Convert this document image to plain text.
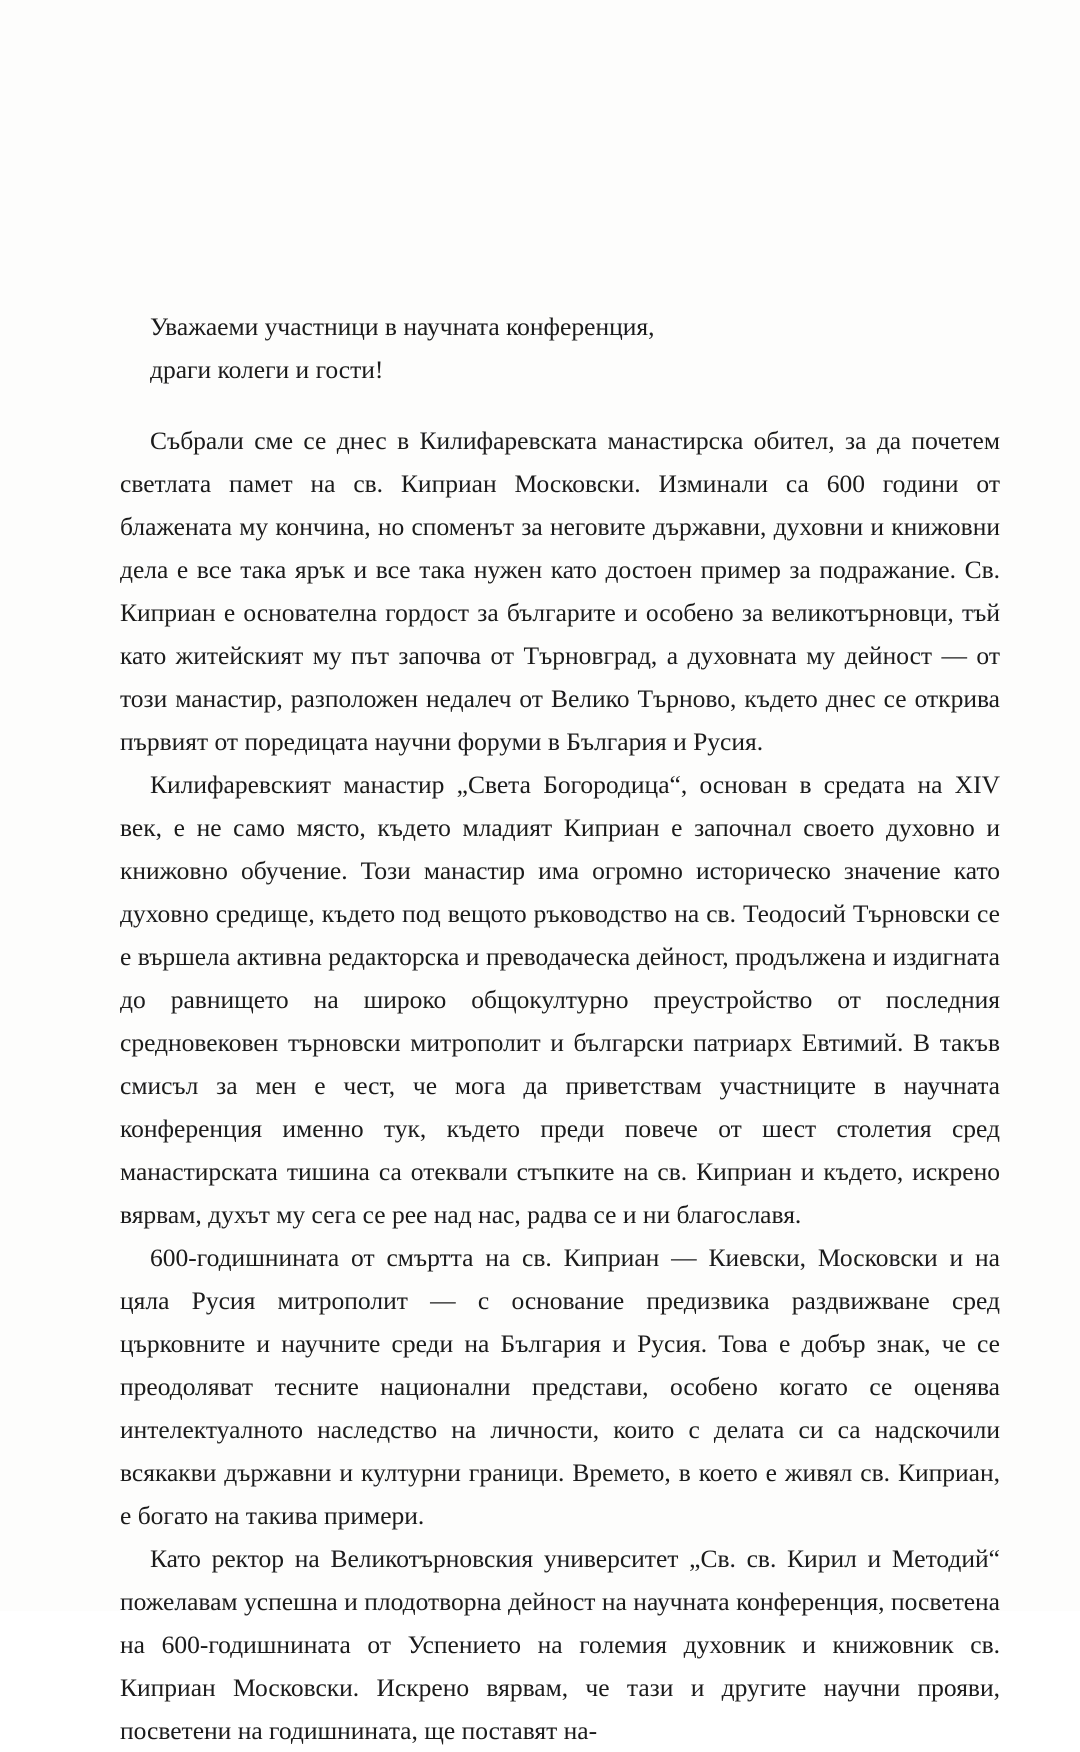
Уважаеми участници в научната конференция,
драги колеги и гости!

Събрали сме се днес в Килифаревската манастирска обител, за да почетем светлата памет на св. Киприан Московски. Изминали са 600 години от блажената му кончина, но споменът за неговите държавни, духовни и книжовни дела е все така ярък и все така нужен като достоен пример за подражание. Св. Киприан е основателна гордост за българите и особено за великотърновци, тъй като житейският му път започва от Търновград, а духовната му дейност — от този манастир, разположен недалеч от Велико Търново, където днес се открива първият от поредицата научни форуми в България и Русия.

Килифаревският манастир „Света Богородица“, основан в средата на XIV век, е не само място, където младият Киприан е започнал своето духовно и книжовно обучение. Този манастир има огромно историческо значение като духовно средище, където под вещото ръководство на св. Теодосий Търновски се е вършела активна редакторска и преводаческа дейност, продължена и издигната до равнището на широко общокултурно преустройство от последния средновековен търновски митрополит и български патриарх Евтимий. В такъв смисъл за мен е чест, че мога да приветствам участниците в научната конференция именно тук, където преди повече от шест столетия сред манастирската тишина са отеквали стъпките на св. Киприан и където, искрено вярвам, духът му сега се рее над нас, радва се и ни благославя.

600-годишнината от смъртта на св. Киприан — Киевски, Московски и на цяла Русия митрополит — с основание предизвика раздвижване сред църковните и научните среди на България и Русия. Това е добър знак, че се преодоляват тесните национални представи, особено когато се оценява интелектуалното наследство на личности, които с делата си са надскочили всякакви държавни и културни граници. Времето, в което е живял св. Киприан, е богато на такива примери.

Като ректор на Великотърновския университет „Св. св. Кирил и Методий“ пожелавам успешна и плодотворна дейност на научната конференция, посветена на 600-годишнината от Успението на големия духовник и книжовник св. Киприан Московски. Искрено вярвам, че тази и другите научни прояви, посветени на годишнината, ще поставят на-
